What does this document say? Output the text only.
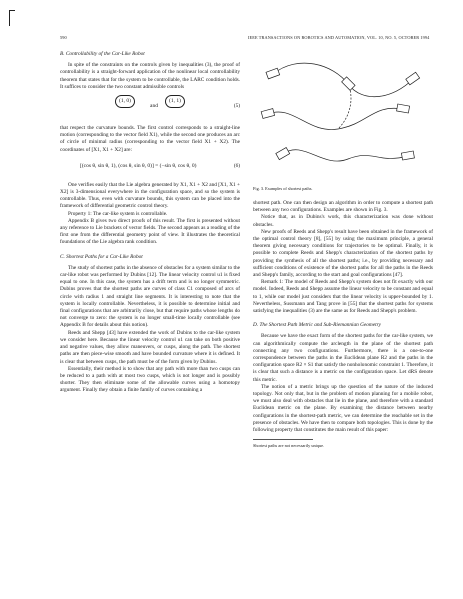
590	IEEE TRANSACTIONS ON ROBOTICS AND AUTOMATION, VOL. 10, NO. 5, OCTOBER 1994
B. Controllability of the Car-Like Robot

In spite of the constraints on the controls given by inequalities (3), the proof of controllability is a straight-forward application of the nonlinear local controllability theorem that states that for the system to be controllable, the LARC condition holds. It suffices to consider the two constant admissible controls

(1, 0)
and
(1, 1)
(5)

that respect the curvature bounds. The first control corresponds to a straight-line motion (corresponding to the vector field X1), while the second one produces an arc of circle of minimal radius (corresponding to the vector field X1 + X2). The coordinates of [X1, X1 + X2] are:

[(cos θ, sin θ, 1), (cos θ, sin θ, 0)] = (−sin θ, cos θ, 0)	(6)

One verifies easily that the Lie algebra generated by X1, X1 + X2 and [X1, X1 + X2] is 3-dimensional everywhere in the configuration space, and so the system is controllable. Thus, even with curvature bounds, this system can be placed into the framework of differential geometric control theory.

Property 1: The car-like system is controllable.

Appendix B gives two direct proofs of this result. The first is presented without any reference to Lie brackets of vector fields. The second appears as a reading of the first one from the differential geometry point of view. It illustrates the theoretical foundations of the Lie algebra rank condition.

C. Shortest Paths for a Car-Like Robot

The study of shortest paths in the absence of obstacles for a system similar to the car-like robot was performed by Dubins [12]. The linear velocity control u1 is fixed equal to one. In this case, the system has a drift term and is no longer symmetric. Dubins proves that the shortest paths are curves of class C1 composed of arcs of circle with radius 1 and straight line segments. It is interesting to note that the system is locally controllable. Nevertheless, it is possible to determine initial and final configurations that are arbitrarily close, but that require paths whose lengths do not converge to zero: the system is no longer small-time locally controllable (see Appendix B for details about this notion).

Reeds and Shepp [43] have extended the work of Dubins to the car-like system we consider here. Because the linear velocity control u1 can take on both positive and negative values, they allow maneuvers, or cusps, along the path. The shortest paths are then piece-wise smooth and have bounded curvature where it is defined. It is clear that between cusps, the path must be of the form given by Dubins.

Essentially, their method is to show that any path with more than two cusps can be reduced to a path with at most two cusps, which is not longer and is possibly shorter. They then eliminate some of the allowable curves using a homotopy argument. Finally they obtain a finite family of curves containing a

Fig. 3. Examples of shortest paths.

shortest path. One can then design an algorithm in order to compute a shortest path between any two configurations. Examples are shown in Fig. 3.

Notice that, as in Dubins's work, this characterization was done without obstacles.

New proofs of Reeds and Shepp's result have been obtained in the framework of the optimal control theory [8], [55] by using the maximum principle, a general theorem giving necessary conditions for trajectories to be optimal. Finally, it is possible to complete Reeds and Shepp's characterization of the shortest paths by providing the synthesis of all the shortest paths; i.e., by providing necessary and sufficient conditions of existence of the shortest paths for all the paths in the Reeds and Shepp's family, according to the start and goal configurations [47].

Remark 1: The model of Reeds and Shepp's system does not fit exactly with our model. Indeed, Reeds and Shepp assume the linear velocity to be constant and equal to 1, while our model just considers that the linear velocity is upper-bounded by 1. Nevertheless, Sussmann and Tang prove in [55] that the shortest paths for systems satisfying the inequalities (3) are the same as for Reeds and Shepp's problem.

D. The Shortest Path Metric and Sub-Riemannian Geometry

Because we have the exact form of the shortest paths for the car-like system, we can algorithmically compute the arclength in the plane of the shortest path connecting any two configurations. Furthermore, there is a one-to-one correspondence between the paths in the Euclidean plane R2 and the paths in the configuration space R2 × S1 that satisfy the nonholonomic constraint 1. Therefore, it is clear that such a distance is a metric on the configuration space. Let dRS denote this metric.

The notion of a metric brings up the question of the nature of the induced topology. Not only that, but in the problem of motion planning for a mobile robot, we must also deal with obstacles that lie in the plane, and therefore with a standard Euclidean metric on the plane. By examining the distance between nearby configurations in the shortest-path metric, we can determine the reachable set in the presence of obstacles. We have then to compare both topologies. This is done by the following property that constitutes the main result of this paper:

Shortest paths are not necessarily unique.
